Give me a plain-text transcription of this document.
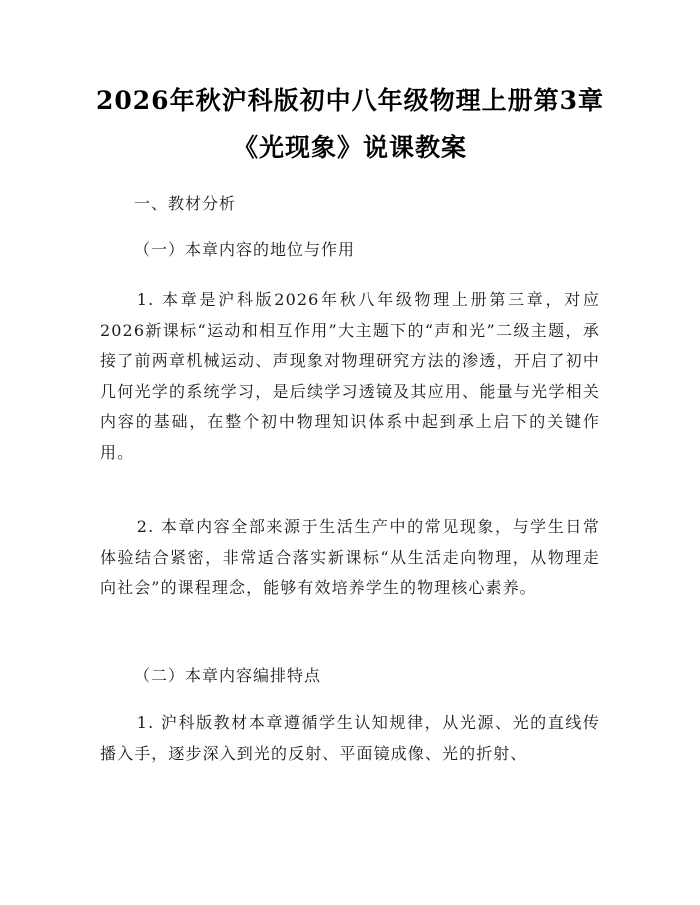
2026年秋沪科版初中八年级物理上册第3章
《光现象》说课教案
一、教材分析
（一）本章内容的地位与作用
1. 本章是沪科版2026年秋八年级物理上册第三章，对应2026新课标“运动和相互作用”大主题下的“声和光”二级主题，承接了前两章机械运动、声现象对物理研究方法的渗透，开启了初中几何光学的系统学习，是后续学习透镜及其应用、能量与光学相关内容的基础，在整个初中物理知识体系中起到承上启下的关键作用。
2. 本章内容全部来源于生活生产中的常见现象，与学生日常体验结合紧密，非常适合落实新课标“从生活走向物理，从物理走向社会”的课程理念，能够有效培养学生的物理核心素养。
（二）本章内容编排特点
1. 沪科版教材本章遵循学生认知规律，从光源、光的直线传播入手，逐步深入到光的反射、平面镜成像、光的折射、
